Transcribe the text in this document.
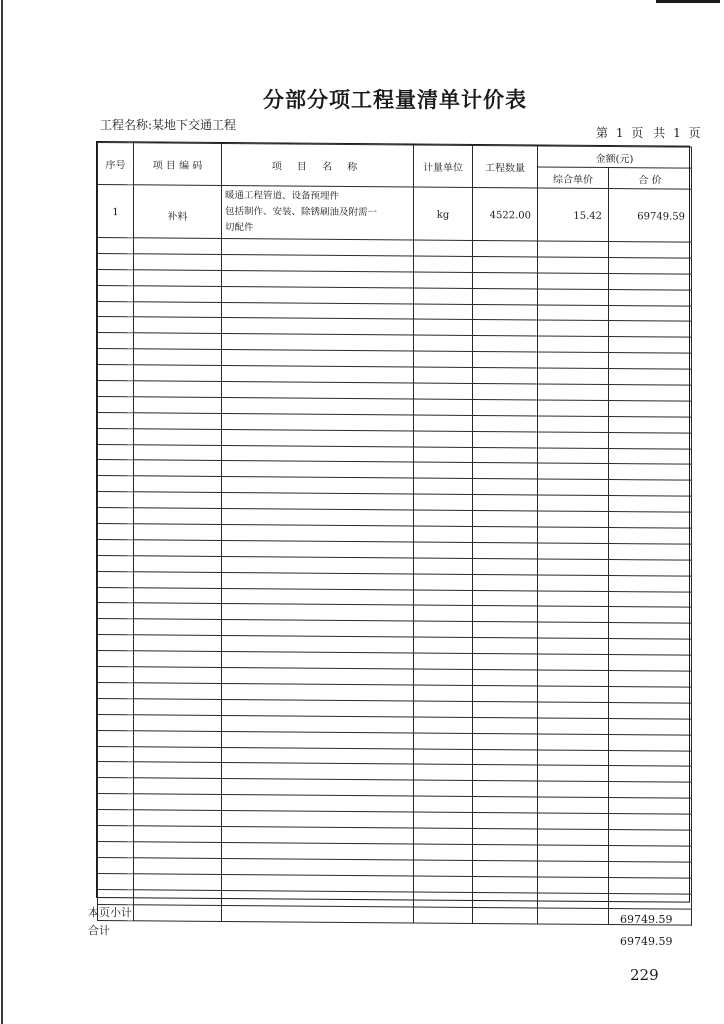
分部分项工程量清单计价表
工程名称:某地下交通工程
第 1 页 共 1 页
序号	项 目 编 码	项 目 名 称	计量单位	工程数量	金额(元)	
					综合单价	合 价
1	补料	暖通工程管道、设备预埋件
包括制作、安装、除锈刷油及附需一
切配件	kg	4522.00	15.42	69749.59

本页小计
69749.59
合计
69749.59
229
